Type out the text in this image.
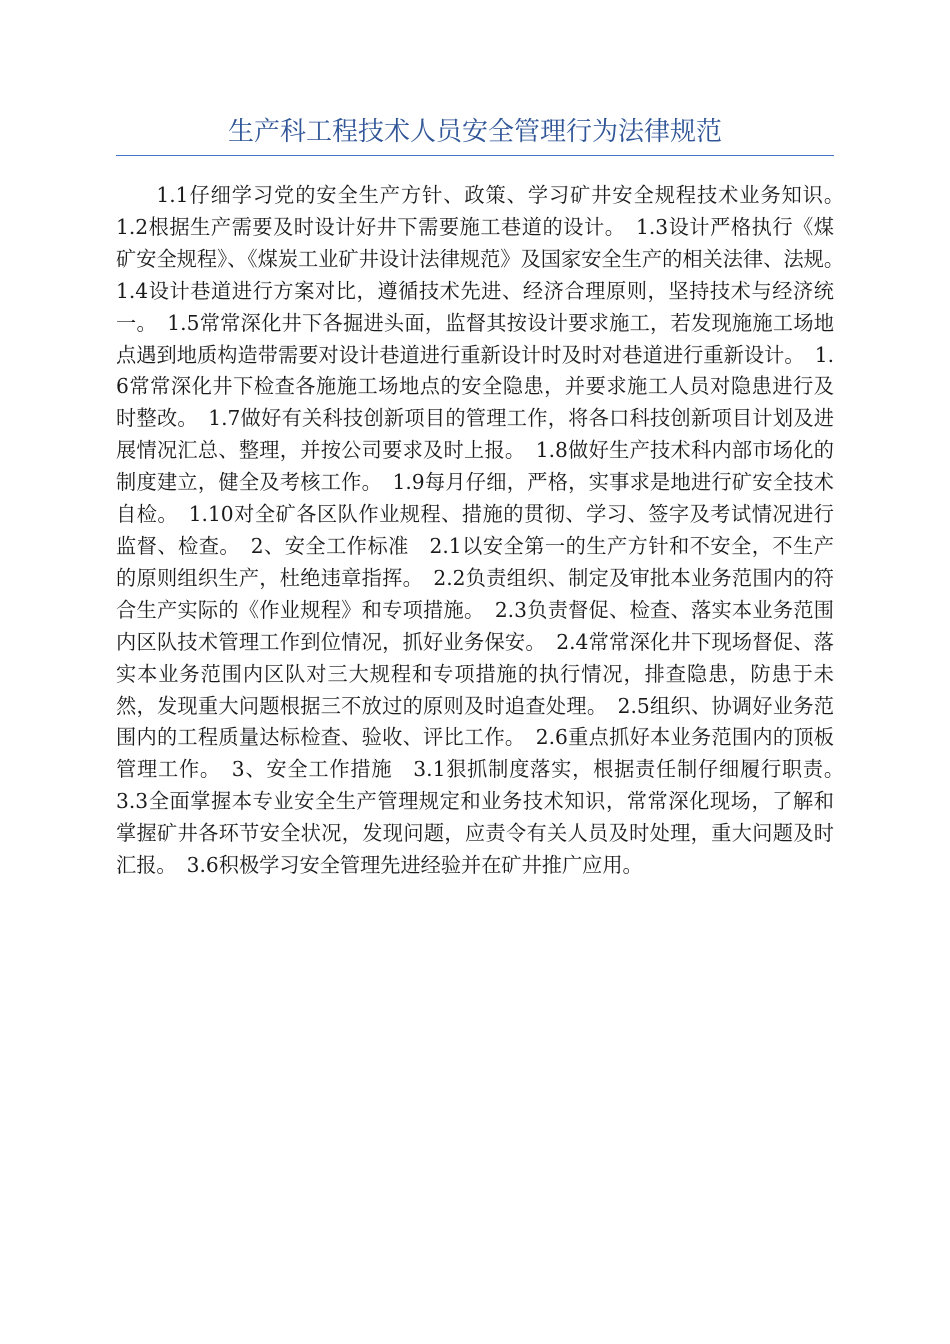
生产科工程技术人员安全管理行为法律规范

1.1仔细学习党的安全生产方针、政策、学习矿井安全规程技术业务知识。　1.2根据生产需要及时设计好井下需要施工巷道的设计。　1.3设计严格执行《煤矿安全规程》、《煤炭工业矿井设计法律规范》及国家安全生产的相关法律、法规。　1.4设计巷道进行方案对比，遵循技术先进、经济合理原则，坚持技术与经济统一。　1.5常常深化井下各掘进头面，监督其按设计要求施工，若发现施施工场地点遇到地质构造带需要对设计巷道进行重新设计时及时对巷道进行重新设计。　1.6常常深化井下检查各施施工场地点的安全隐患，并要求施工人员对隐患进行及时整改。　1.7做好有关科技创新项目的管理工作，将各口科技创新项目计划及进展情况汇总、整理，并按公司要求及时上报。　1.8做好生产技术科内部市场化的制度建立，健全及考核工作。　1.9每月仔细，严格，实事求是地进行矿安全技术自检。　1.10对全矿各区队作业规程、措施的贯彻、学习、签字及考试情况进行监督、检查。　2、安全工作标准　2.1以安全第一的生产方针和不安全，不生产的原则组织生产，杜绝违章指挥。　2.2负责组织、制定及审批本业务范围内的符合生产实际的《作业规程》和专项措施。　2.3负责督促、检查、落实本业务范围内区队技术管理工作到位情况，抓好业务保安。　2.4常常深化井下现场督促、落实本业务范围内区队对三大规程和专项措施的执行情况，排查隐患，防患于未然，发现重大问题根据三不放过的原则及时追查处理。　2.5组织、协调好业务范围内的工程质量达标检查、验收、评比工作。　2.6重点抓好本业务范围内的顶板管理工作。　3、安全工作措施　3.1狠抓制度落实，根据责任制仔细履行职责。　3.3全面掌握本专业安全生产管理规定和业务技术知识，常常深化现场，了解和掌握矿井各环节安全状况，发现问题，应责令有关人员及时处理，重大问题及时汇报。　3.6积极学习安全管理先进经验并在矿井推广应用。
